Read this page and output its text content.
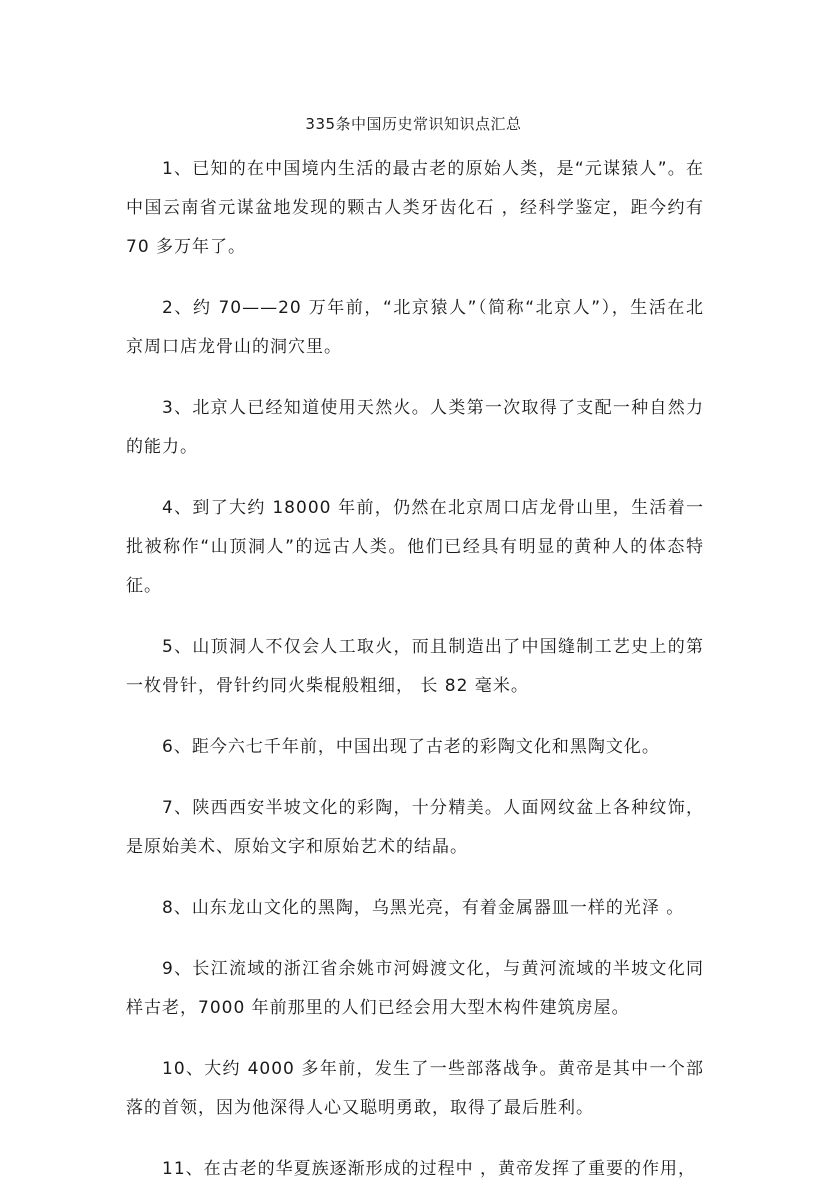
335条中国历史常识知识点汇总

1、已知的在中国境内生活的最古老的原始人类，是“元谋猿人”。在中国云南省元谋盆地发现的颗古人类牙齿化石 ，经科学鉴定，距今约有 70 多万年了。

2、约 70——20 万年前，“北京猿人”（简称“北京人”），生活在北京周口店龙骨山的洞穴里。

3、北京人已经知道使用天然火。人类第一次取得了支配一种自然力的能力。

4、到了大约 18000 年前，仍然在北京周口店龙骨山里，生活着一批被称作“山顶洞人”的远古人类。他们已经具有明显的黄种人的体态特征。

5、山顶洞人不仅会人工取火，而且制造出了中国缝制工艺史上的第一枚骨针，骨针约同火柴棍般粗细， 长 82 毫米。

6、距今六七千年前，中国出现了古老的彩陶文化和黑陶文化。

7、陕西西安半坡文化的彩陶，十分精美。人面网纹盆上各种纹饰，是原始美术、原始文字和原始艺术的结晶。

8、山东龙山文化的黑陶，乌黑光亮，有着金属器皿一样的光泽 。

9、长江流域的浙江省余姚市河姆渡文化，与黄河流域的半坡文化同样古老，7000 年前那里的人们已经会用大型木构件建筑房屋。

10、大约 4000 多年前，发生了一些部落战争。黄帝是其中一个部落的首领，因为他深得人心又聪明勇敢，取得了最后胜利。

11、在古老的华夏族逐渐形成的过程中 ，黄帝发挥了重要的作用，
